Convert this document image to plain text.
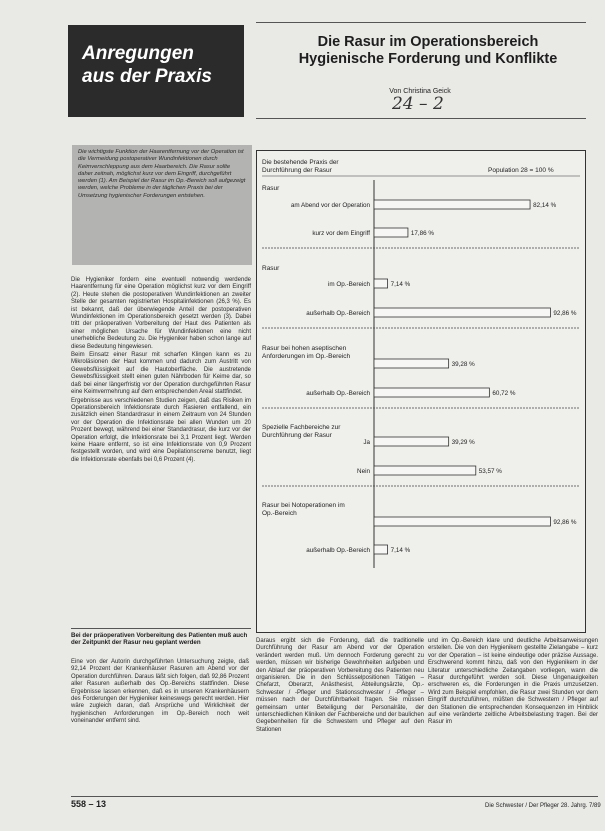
Anregungen
aus der Praxis
Die Rasur im Operationsbereich
Hygienische Forderung und Konflikte
Von Christina Geick
24 – 2

Die wichtigste Funktion der Haarentfernung vor der Operation ist die Vermeidung postoperativer Wundinfektionen durch Keimverschleppung aus dem Haarbereich. Die Rasur sollte daher zeitnah, möglichst kurz vor dem Eingriff, durchgeführt werden (1). Am Beispiel der Rasur im Op.-Bereich soll aufgezeigt werden, welche Probleme in der täglichen Praxis bei der Umsetzung hygienischer Forderungen entstehen.

Die Hygieniker fordern eine eventuell notwendig werdende Haarentfernung für eine Operation möglichst kurz vor dem Eingriff (2). Heute stehen die postoperativen Wundinfektionen an zweiter Stelle der gesamten registrierten Hospitalinfektionen (26,3 %). Es ist bekannt, daß der überwiegende Anteil der postoperativen Wundinfektionen im Operationsbereich gesetzt werden (3). Dabei tritt der präoperativen Vorbereitung der Haut des Patienten als einer möglichen Ursache für Wundinfektionen eine nicht unerhebliche Bedeutung zu. Die Hygieniker haben schon lange auf diese Bedeutung hingewiesen.

Beim Einsatz einer Rasur mit scharfen Klingen kann es zu Mikroläsionen der Haut kommen und dadurch zum Austritt von Gewebsflüssigkeit auf die Hautoberfläche. Die austretende Gewebsflüssigkeit stellt einen guten Nährboden für Keime dar, so daß bei einer längerfristig vor der Operation durchgeführten Rasur eine Keimvermehrung auf dem entsprechenden Areal stattfindet.

Ergebnisse aus verschiedenen Studien zeigen, daß das Risiken im Operationsbereich Infektionsrate durch Rasieren entfallend, ein zusätzlich einen Standardrasur in einem Zeitraum von 24 Stunden vor der Operation die Infektionsrate bei allen Wunden um 20 Prozent bewegt, während bei einer Standardrasur, die kurz vor der Operation erfolgt, die Infektionsrate bei 3,1 Prozent liegt. Werden keine Haare entfernt, so ist eine Infektionsrate von 0,9 Prozent festgestellt worden, und wird eine Depilationscreme benutzt, liegt die Infektionsrate ebenfalls bei 0,6 Prozent (4).

Die bestehende Praxis der
Durchführung der Rasur	Population 28 = 100 %
Rasur
am Abend vor der Operation	82,14 %
kurz vor dem Eingriff	17,86 %
Rasur
im Op.-Bereich	7,14 %
außerhalb Op.-Bereich	92,86 %
Rasur bei hohen aseptischen
Anforderungen im Op.-Bereich
39,28 %
außerhalb Op.-Bereich	60,72 %
Spezielle Fachbereiche zur
Durchführung der Rasur
Ja	39,29 %
Nein	53,57 %
Rasur bei Notoperationen im
Op.-Bereich
92,86 %
außerhalb Op.-Bereich	7,14 %
Bei der präoperativen Vorbereitung des Patienten muß auch der Zeitpunkt der Rasur neu geplant werden
Eine von der Autorin durchgeführten Untersuchung zeigte, daß 92,14 Prozent der Krankenhäuser Rasuren am Abend vor der Operation durchführen. Daraus läßt sich folgen, daß 92,86 Prozent aller Rasuren außerhalb des Op.-Bereichs stattfinden. Diese Ergebnisse lassen erkennen, daß es in unseren Krankenhäusern des Forderungen der Hygieniker keineswegs gerecht werden. Hier wäre zugleich daran, daß Ansprüche und Wirklichkeit der hygienischen Anforderungen im Op.-Bereich noch weit voneinander entfernt sind.
Daraus ergibt sich die Forderung, daß die traditionelle Durchführung der Rasur am Abend vor der Operation verändert werden muß. Um dennoch Forderung gerecht zu werden, müssen wir bisherige Gewohnheiten aufgeben und den Ablauf der präoperativen Vorbereitung des Patienten neu organisieren. Die in den Schlüsselpositionen Tätigen – Chefarzt, Oberarzt, Anästhesist, Abteilungsärzte, Op.-Schwester / -Pfleger und Stationsschwester / -Pfleger – müssen nach der Durchführbarkeit fragen. Sie müssen gemeinsam unter Beteiligung der Personalräte, der unterschiedlichen Kliniken der Fachbereiche und der baulichen Gegebenheiten für die Schwestern und Pfleger auf den Stationen
und im Op.-Bereich klare und deutliche Arbeitsanweisungen erstellen. Die von den Hygienikern gestellte Zielangabe – kurz vor der Operation – ist keine eindeutige oder präzise Aussage. Erschwerend kommt hinzu, daß von den Hygienikern in der Literatur unterschiedliche Zeitangaben vorliegen, wann die Rasur durchgeführt werden soll. Diese Ungenauigkeiten erschweren es, die Forderungen in die Praxis umzusetzen. Wird zum Beispiel empfohlen, die Rasur zwei Stunden vor dem Eingriff durchzuführen, müßten die Schwestern / Pfleger auf den Stationen die entsprechenden Konsequenzen im Hinblick auf eine veränderte zeitliche Arbeitsbelastung tragen. Bei der Rasur im
558 – 13	Die Schwester / Der Pfleger 28. Jahrg. 7/89
